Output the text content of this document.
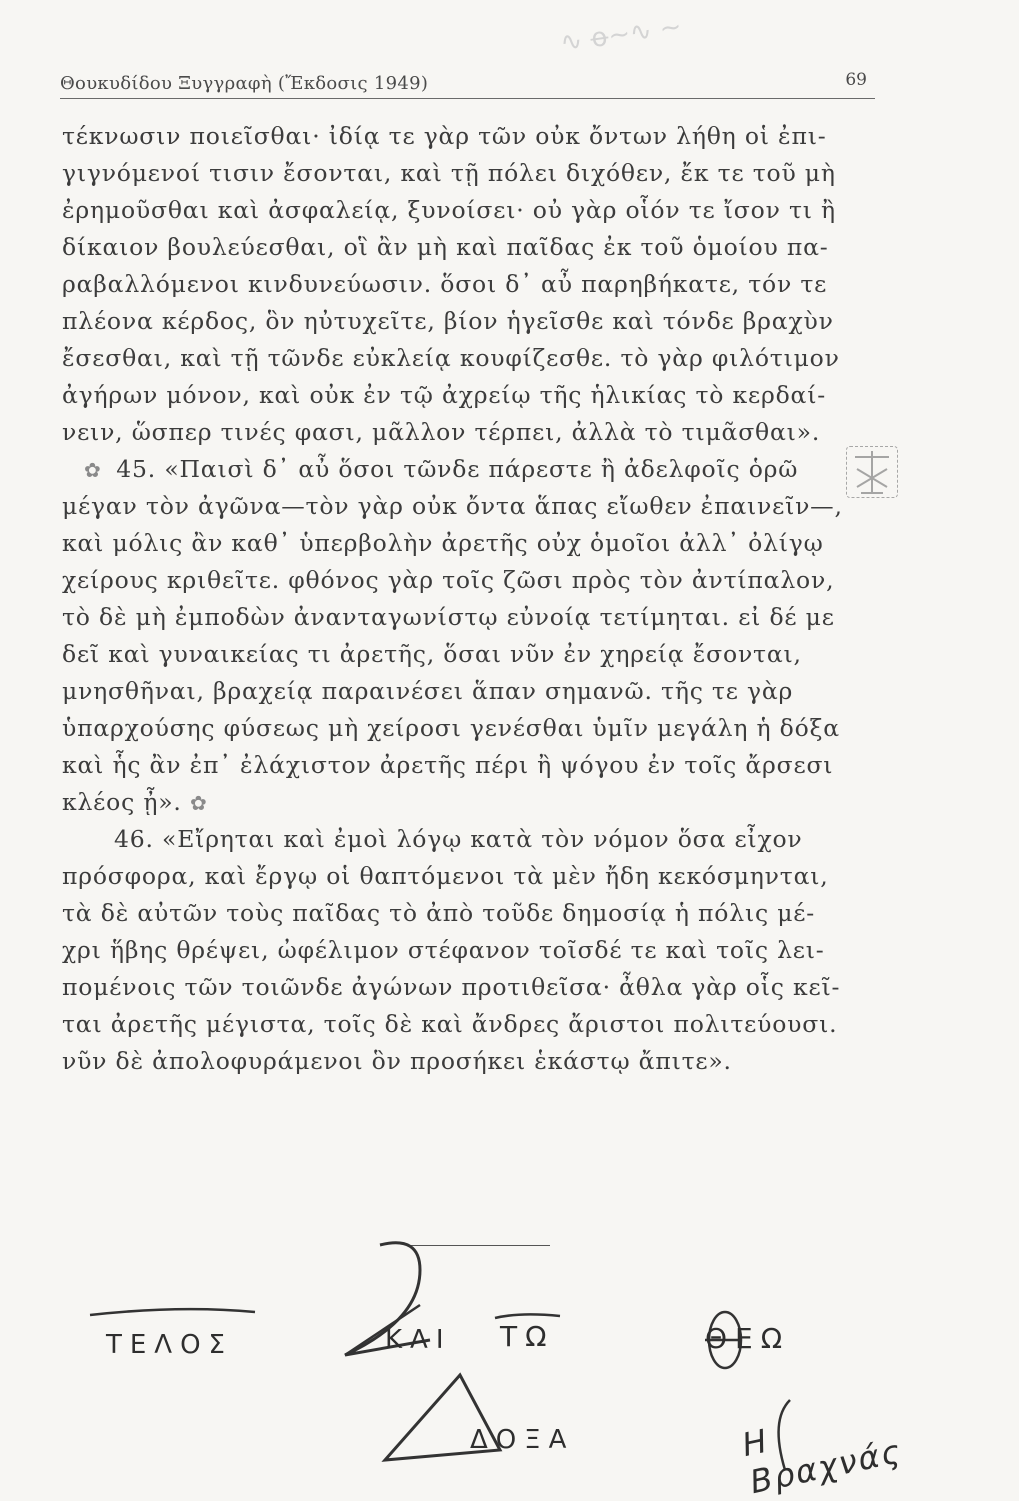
∿ ꝋ∼∿ ∼
Θουκυδίδου Ξυγγραφὴ (Ἔκδοσις 1949)	69
τέκνωσιν ποιεῖσθαι· ἰδίᾳ τε γὰρ τῶν οὐκ ὄντων λήθη οἱ ἐπι-
γιγνόμενοί τισιν ἔσονται, καὶ τῇ πόλει διχόθεν, ἔκ τε τοῦ μὴ
ἐρημοῦσθαι καὶ ἀσφαλείᾳ, ξυνοίσει· οὐ γὰρ οἷόν τε ἴσον τι ἢ
δίκαιον βουλεύεσθαι, οἳ ἂν μὴ καὶ παῖδας ἐκ τοῦ ὁμοίου πα-
ραβαλλόμενοι κινδυνεύωσιν. ὅσοι δ᾽ αὖ παρηβήκατε, τόν τε
πλέονα κέρδος, ὃν ηὐτυχεῖτε, βίον ἡγεῖσθε καὶ τόνδε βραχὺν
ἔσεσθαι, καὶ τῇ τῶνδε εὐκλείᾳ κουφίζεσθε. τὸ γὰρ φιλότιμον
ἀγήρων μόνον, καὶ οὐκ ἐν τῷ ἀχρείῳ τῆς ἡλικίας τὸ κερδαί-
νειν, ὥσπερ τινές φασι, μᾶλλον τέρπει, ἀλλὰ τὸ τιμᾶσθαι».
✿ 45. «Παισὶ δ᾽ αὖ ὅσοι τῶνδε πάρεστε ἢ ἀδελφοῖς ὁρῶ
μέγαν τὸν ἀγῶνα—τὸν γὰρ οὐκ ὄντα ἅπας εἴωθεν ἐπαινεῖν—,
καὶ μόλις ἂν καθ᾽ ὑπερβολὴν ἀρετῆς οὐχ ὁμοῖοι ἀλλ᾽ ὀλίγῳ
χείρους κριθεῖτε. φθόνος γὰρ τοῖς ζῶσι πρὸς τὸν ἀντίπαλον,
τὸ δὲ μὴ ἐμποδὼν ἀνανταγωνίστῳ εὐνοίᾳ τετίμηται. εἰ δέ με
δεῖ καὶ γυναικείας τι ἀρετῆς, ὅσαι νῦν ἐν χηρείᾳ ἔσονται,
μνησθῆναι, βραχείᾳ παραινέσει ἅπαν σημανῶ. τῆς τε γὰρ
ὑπαρχούσης φύσεως μὴ χείροσι γενέσθαι ὑμῖν μεγάλη ἡ δόξα
καὶ ἧς ἂν ἐπ᾽ ἐλάχιστον ἀρετῆς πέρι ἢ ψόγου ἐν τοῖς ἄρσεσι
κλέος ᾖ». ✿
46. «Εἴρηται καὶ ἐμοὶ λόγῳ κατὰ τὸν νόμον ὅσα εἶχον
πρόσφορα, καὶ ἔργῳ οἱ θαπτόμενοι τὰ μὲν ἤδη κεκόσμηνται,
τὰ δὲ αὐτῶν τοὺς παῖδας τὸ ἀπὸ τοῦδε δημοσίᾳ ἡ πόλις μέ-
χρι ἥβης θρέψει, ὠφέλιμον στέφανον τοῖσδέ τε καὶ τοῖς λει-
πομένοις τῶν τοιῶνδε ἀγώνων προτιθεῖσα· ἆθλα γὰρ οἷς κεῖ-
ται ἀρετῆς μέγιστα, τοῖς δὲ καὶ ἄνδρες ἄριστοι πολιτεύουσι.
νῦν δὲ ἀπολοφυράμενοι ὃν προσήκει ἑκάστῳ ἄπιτε».
ΤΕΛΟΣ	ΚΑΙ ΤΩ	ΘΕΩ
ΔΟΞΑ	Η Βραχνάς
